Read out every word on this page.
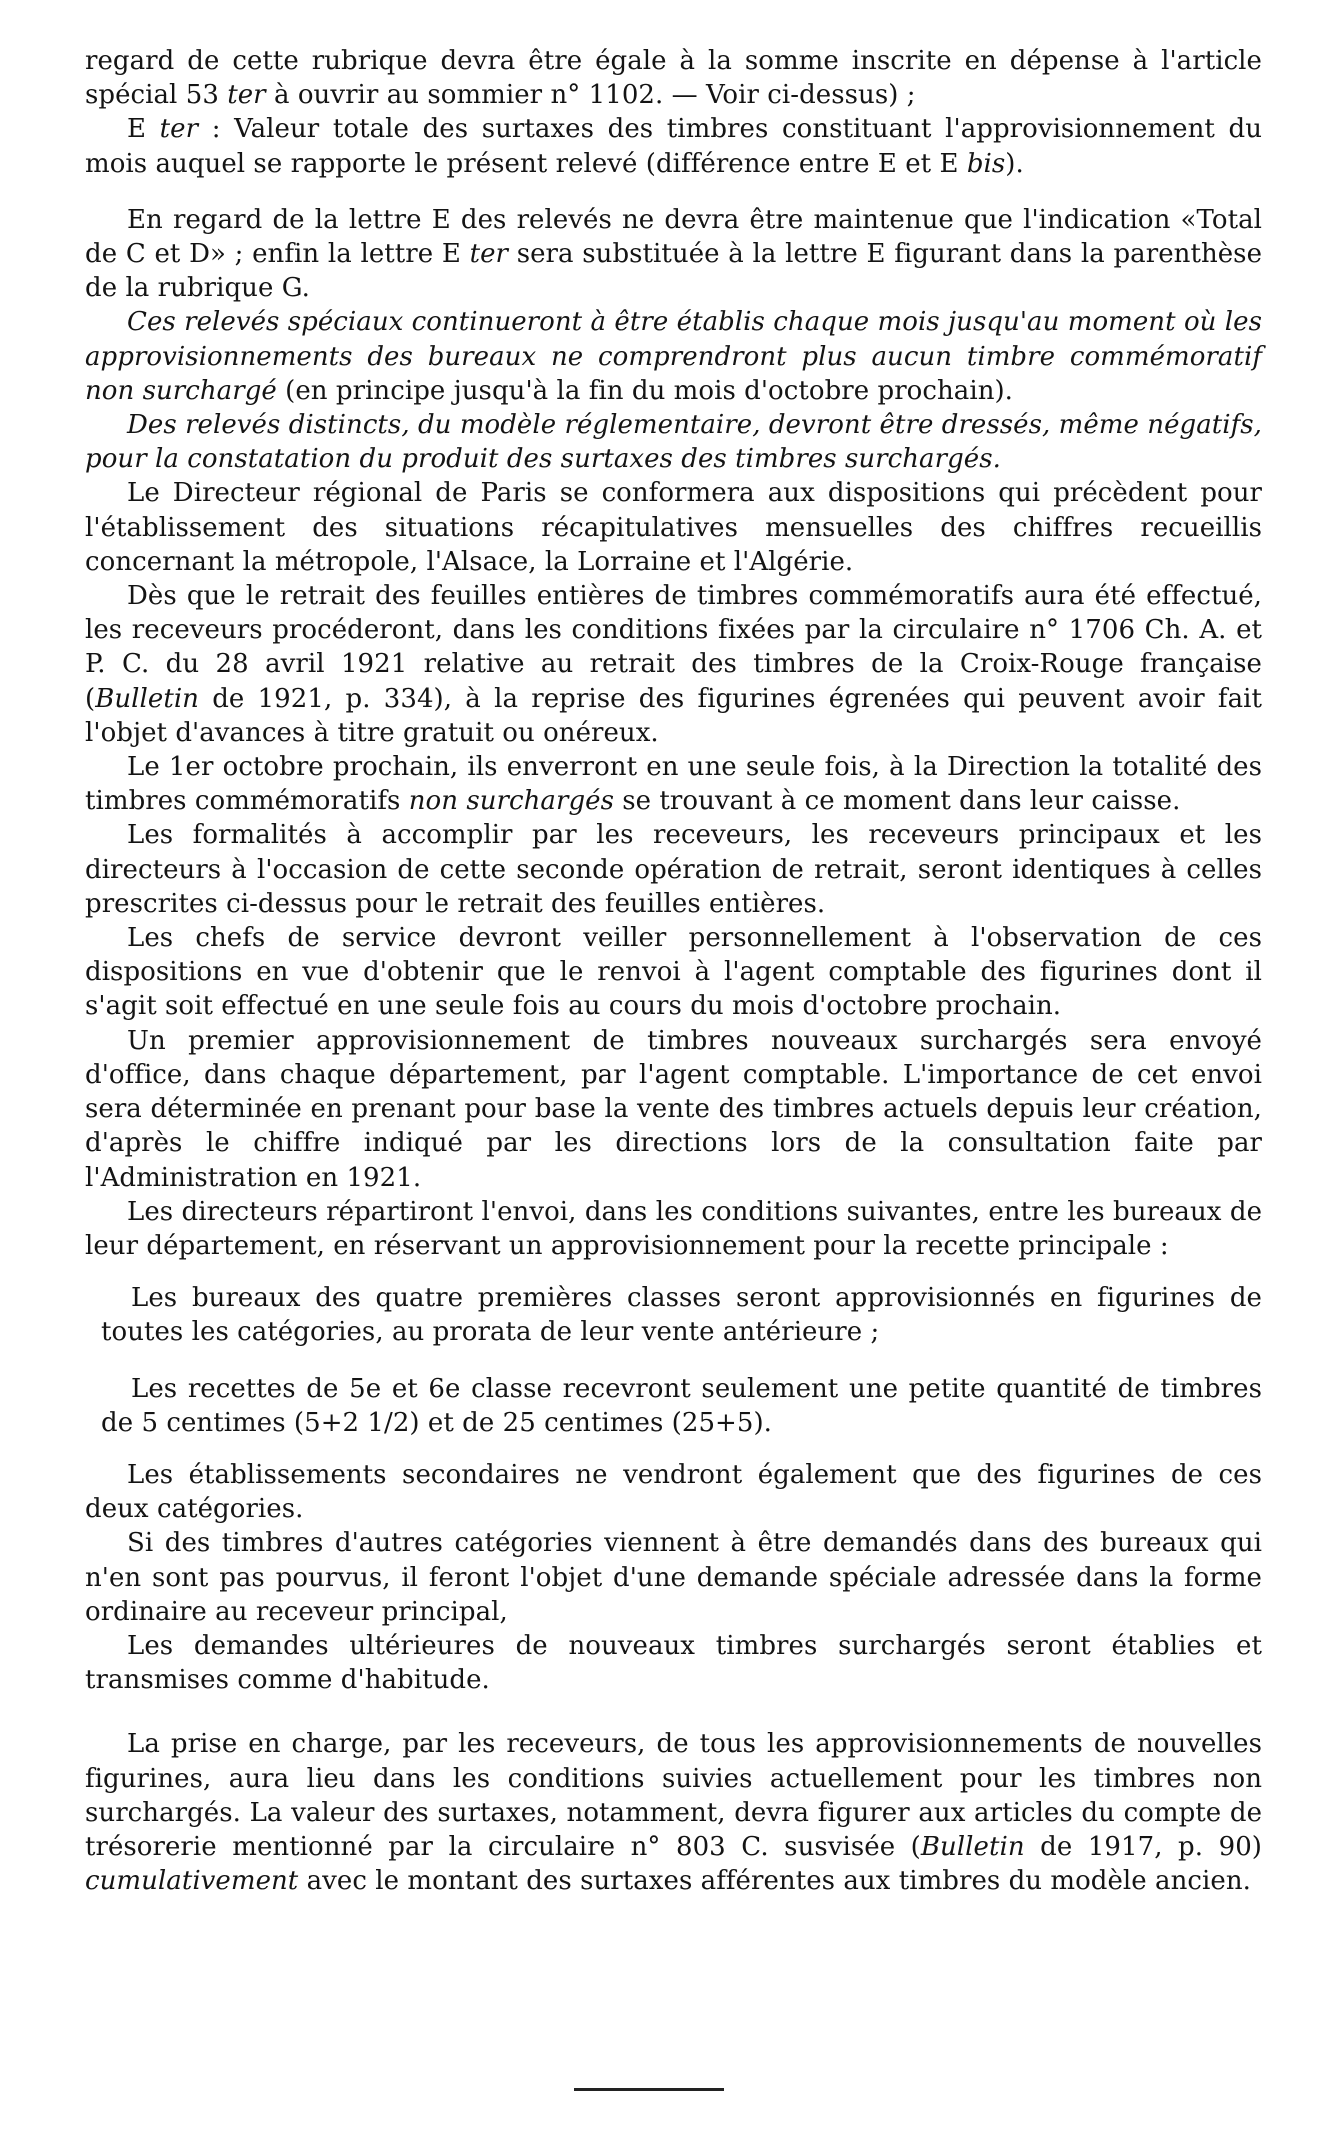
regard de cette rubrique devra être égale à la somme inscrite en dépense à l'article spécial 53 ter à ouvrir au sommier n° 1102. — Voir ci-dessus) ;

E ter : Valeur totale des surtaxes des timbres constituant l'approvisionnement du mois auquel se rapporte le présent relevé (différence entre E et E bis).

En regard de la lettre E des relevés ne devra être maintenue que l'indication «Total de C et D» ; enfin la lettre E ter sera substituée à la lettre E figurant dans la parenthèse de la rubrique G.

Ces relevés spéciaux continueront à être établis chaque mois jusqu'au moment où les approvisionnements des bureaux ne comprendront plus aucun timbre commémoratif non surchargé (en principe jusqu'à la fin du mois d'octobre prochain).

Des relevés distincts, du modèle réglementaire, devront être dressés, même négatifs, pour la constatation du produit des surtaxes des timbres surchargés.

Le Directeur régional de Paris se conformera aux dispositions qui précèdent pour l'établissement des situations récapitulatives mensuelles des chiffres recueillis concernant la métropole, l'Alsace, la Lorraine et l'Algérie.

Dès que le retrait des feuilles entières de timbres commémoratifs aura été effectué, les receveurs procéderont, dans les conditions fixées par la circulaire n° 1706 Ch. A. et P. C. du 28 avril 1921 relative au retrait des timbres de la Croix-Rouge française (Bulletin de 1921, p. 334), à la reprise des figurines égrenées qui peuvent avoir fait l'objet d'avances à titre gratuit ou onéreux.

Le 1er octobre prochain, ils enverront en une seule fois, à la Direction la totalité des timbres commémoratifs non surchargés se trouvant à ce moment dans leur caisse.

Les formalités à accomplir par les receveurs, les receveurs principaux et les directeurs à l'occasion de cette seconde opération de retrait, seront identiques à celles prescrites ci-dessus pour le retrait des feuilles entières.

Les chefs de service devront veiller personnellement à l'observation de ces dispositions en vue d'obtenir que le renvoi à l'agent comptable des figurines dont il s'agit soit effectué en une seule fois au cours du mois d'octobre prochain.

Un premier approvisionnement de timbres nouveaux surchargés sera envoyé d'office, dans chaque département, par l'agent comptable. L'importance de cet envoi sera déterminée en prenant pour base la vente des timbres actuels depuis leur création, d'après le chiffre indiqué par les directions lors de la consultation faite par l'Administration en 1921.

Les directeurs répartiront l'envoi, dans les conditions suivantes, entre les bureaux de leur département, en réservant un approvisionnement pour la recette principale :

Les bureaux des quatre premières classes seront approvisionnés en figurines de toutes les catégories, au prorata de leur vente antérieure ;

Les recettes de 5e et 6e classe recevront seulement une petite quantité de timbres de 5 centimes (5+2 1/2) et de 25 centimes (25+5).

Les établissements secondaires ne vendront également que des figurines de ces deux catégories.

Si des timbres d'autres catégories viennent à être demandés dans des bureaux qui n'en sont pas pourvus, il feront l'objet d'une demande spéciale adressée dans la forme ordinaire au receveur principal,

Les demandes ultérieures de nouveaux timbres surchargés seront établies et transmises comme d'habitude.

La prise en charge, par les receveurs, de tous les approvisionnements de nouvelles figurines, aura lieu dans les conditions suivies actuellement pour les timbres non surchargés. La valeur des surtaxes, notamment, devra figurer aux articles du compte de trésorerie mentionné par la circulaire n° 803 C. susvisée (Bulletin de 1917, p. 90) cumulativement avec le montant des surtaxes afférentes aux timbres du modèle ancien.
